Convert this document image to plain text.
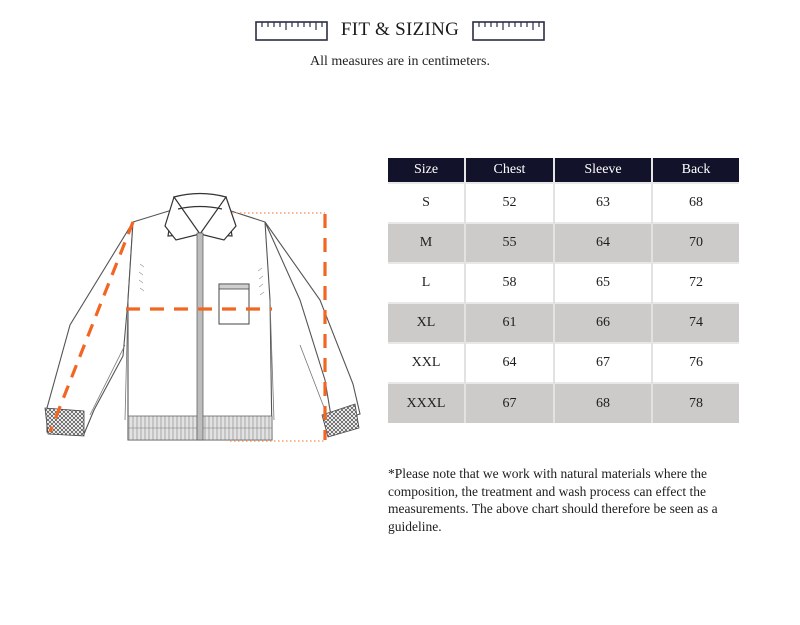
FIT & SIZING
All measures are in centimeters.
Size	Chest	Sleeve	Back
S	52	63	68
M	55	64	70
L	58	65	72
XL	61	66	74
XXL	64	67	76
XXXL	67	68	78

*Please note that we work with natural materials where the composition, the treatment and wash process can effect the measurements. The above chart should therefore be seen as a guideline.
